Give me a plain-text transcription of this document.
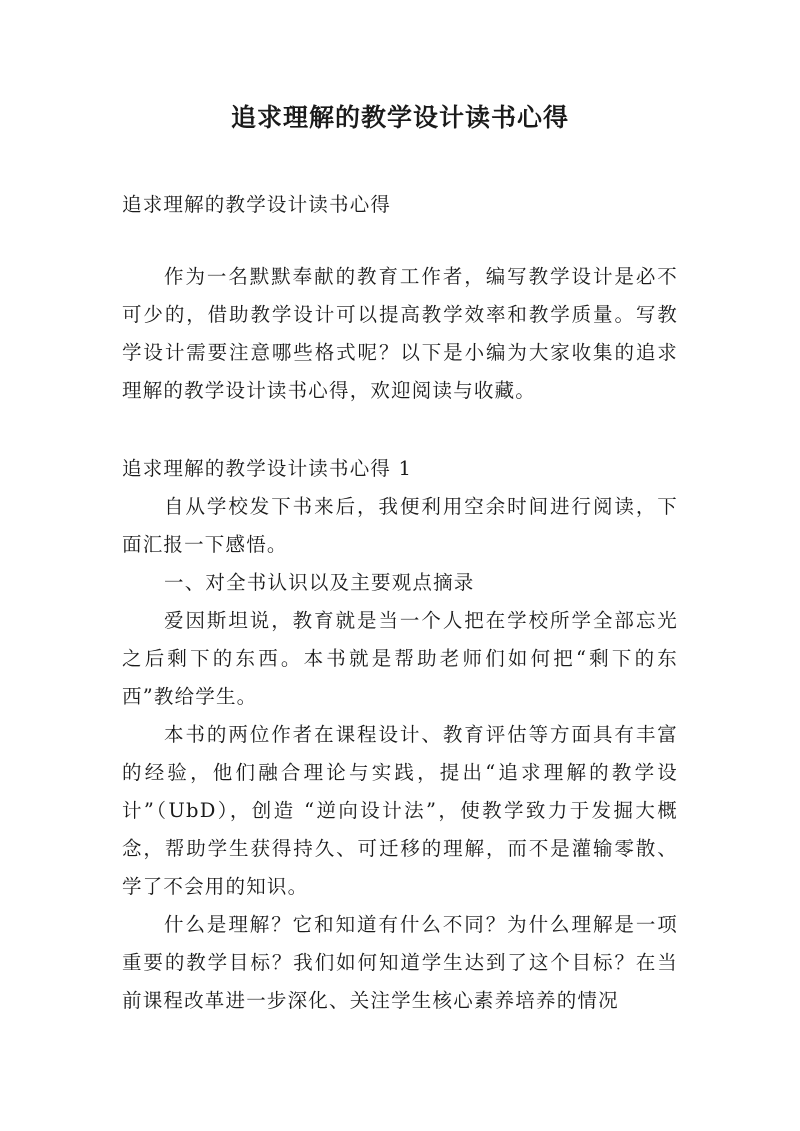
追求理解的教学设计读书心得

追求理解的教学设计读书心得

作为一名默默奉献的教育工作者，编写教学设计是必不可少的，借助教学设计可以提高教学效率和教学质量。写教学设计需要注意哪些格式呢？以下是小编为大家收集的追求理解的教学设计读书心得，欢迎阅读与收藏。

追求理解的教学设计读书心得 1

自从学校发下书来后，我便利用空余时间进行阅读，下面汇报一下感悟。

一、对全书认识以及主要观点摘录

爱因斯坦说，教育就是当一个人把在学校所学全部忘光之后剩下的东西。本书就是帮助老师们如何把“剩下的东西”教给学生。

本书的两位作者在课程设计、教育评估等方面具有丰富的经验，他们融合理论与实践，提出“追求理解的教学设计”（UbD），创造 “逆向设计法”，使教学致力于发掘大概念，帮助学生获得持久、可迁移的理解，而不是灌输零散、学了不会用的知识。

什么是理解？它和知道有什么不同？为什么理解是一项重要的教学目标？我们如何知道学生达到了这个目标？在当前课程改革进一步深化、关注学生核心素养培养的情况
